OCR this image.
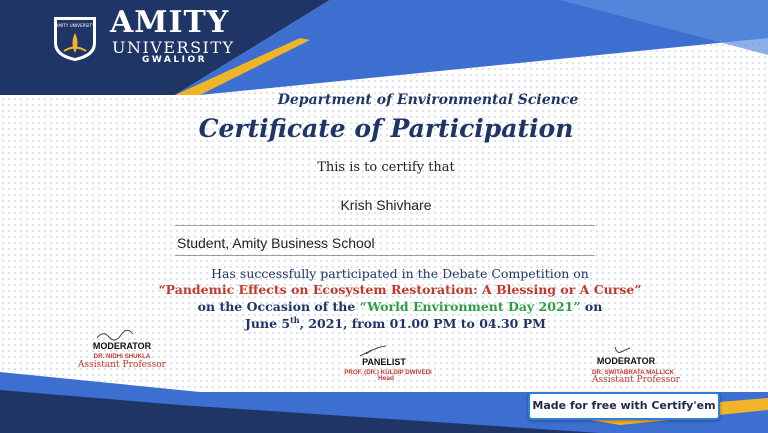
AMITY UNIVERSITY AMITY
UNIVERSITY
GWALIOR
Department of Environmental Science
Certificate of Participation
This is to certify that
Krish Shivhare
Student, Amity Business School
Has successfully participated in the Debate Competition on
“Pandemic Effects on Ecosystem Restoration: A Blessing or A Curse”
on the Occasion of the “World Environment Day 2021” on
June 5th, 2021, from 01.00 PM to 04.30 PM
MODERATOR
DR. NIDHI SHUKLA
Assistant Professor	PANELIST
PROF. (DR.) KULDIP DWIVEDI
Head
MODERATOR
DR. SWITABRATA MALLICK
Assistant Professor
Made for free with Certify'em
